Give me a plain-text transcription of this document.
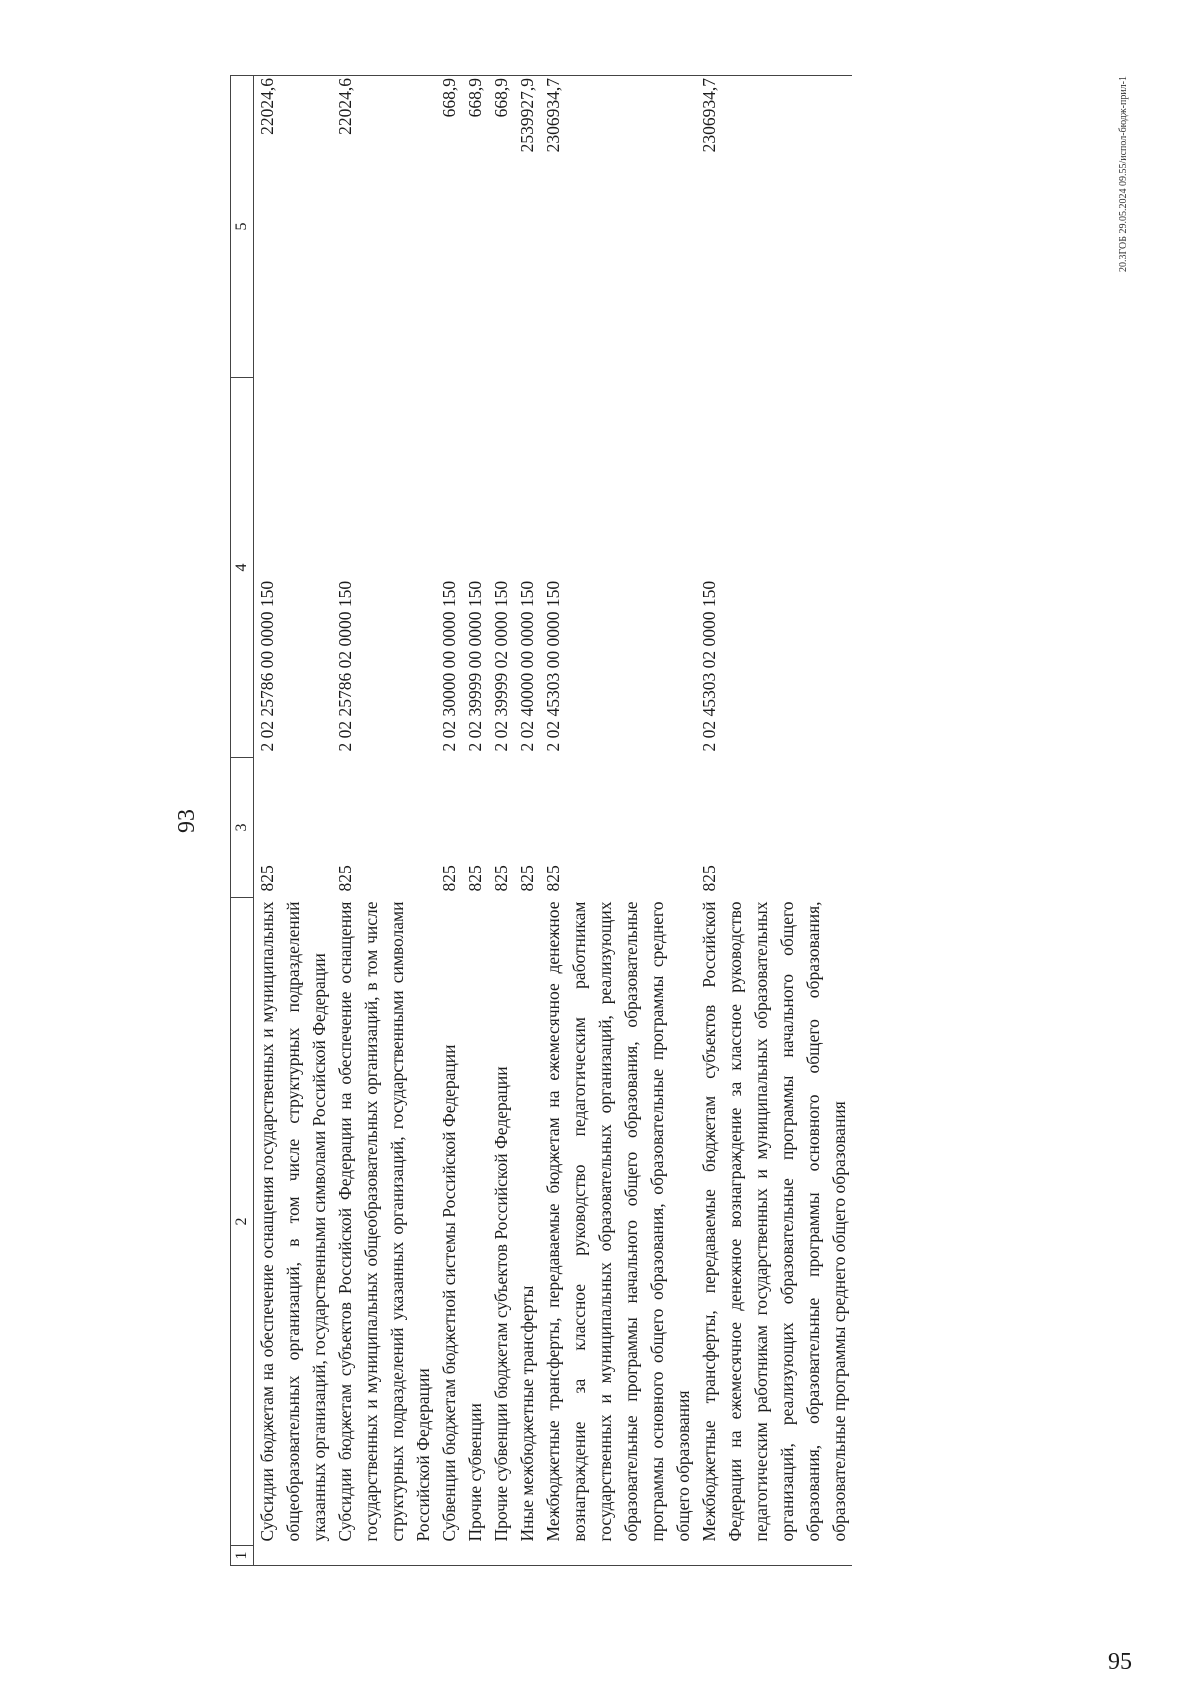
93
1	2	3	4	5
	Субсидии бюджетам на обеспечение оснащения государственных и муниципальных общеобразовательных организаций, в том числе структурных подразделений указанных организаций, государственными символами Российской Федерации	825	2 02 25786 00 0000 150	22024,6
	Субсидии бюджетам субъектов Российской Федерации на обеспечение оснащения государственных и муниципальных общеобразовательных организаций, в том числе структурных подразделений указанных организаций, государственными символами Российской Федерации	825	2 02 25786 02 0000 150	22024,6
	Субвенции бюджетам бюджетной системы Российской Федерации	825	2 02 30000 00 0000 150	668,9
	Прочие субвенции	825	2 02 39999 00 0000 150	668,9
	Прочие субвенции бюджетам субъектов Российской Федерации	825	2 02 39999 02 0000 150	668,9
	Иные межбюджетные трансферты	825	2 02 40000 00 0000 150	2539927,9
	Межбюджетные трансферты, передаваемые бюджетам на ежемесячное денежное вознаграждение за классное руководство педагогическим работникам государственных и муниципальных образовательных организаций, реализующих образовательные программы начального общего образования, образовательные программы основного общего образования, образовательные программы среднего общего образования	825	2 02 45303 00 0000 150	2306934,7
	Межбюджетные трансферты, передаваемые бюджетам субъектов Российской Федерации на ежемесячное денежное вознаграждение за классное руководство педагогическим работникам государственных и муниципальных образовательных организаций, реализующих образовательные программы начального общего образования, образовательные программы основного общего образования, образовательные программы среднего общего образования	825	2 02 45303 02 0000 150	2306934,7	20.3ГОБ 29.05.2024 09.55/испол-бюдж-прил-1
95
